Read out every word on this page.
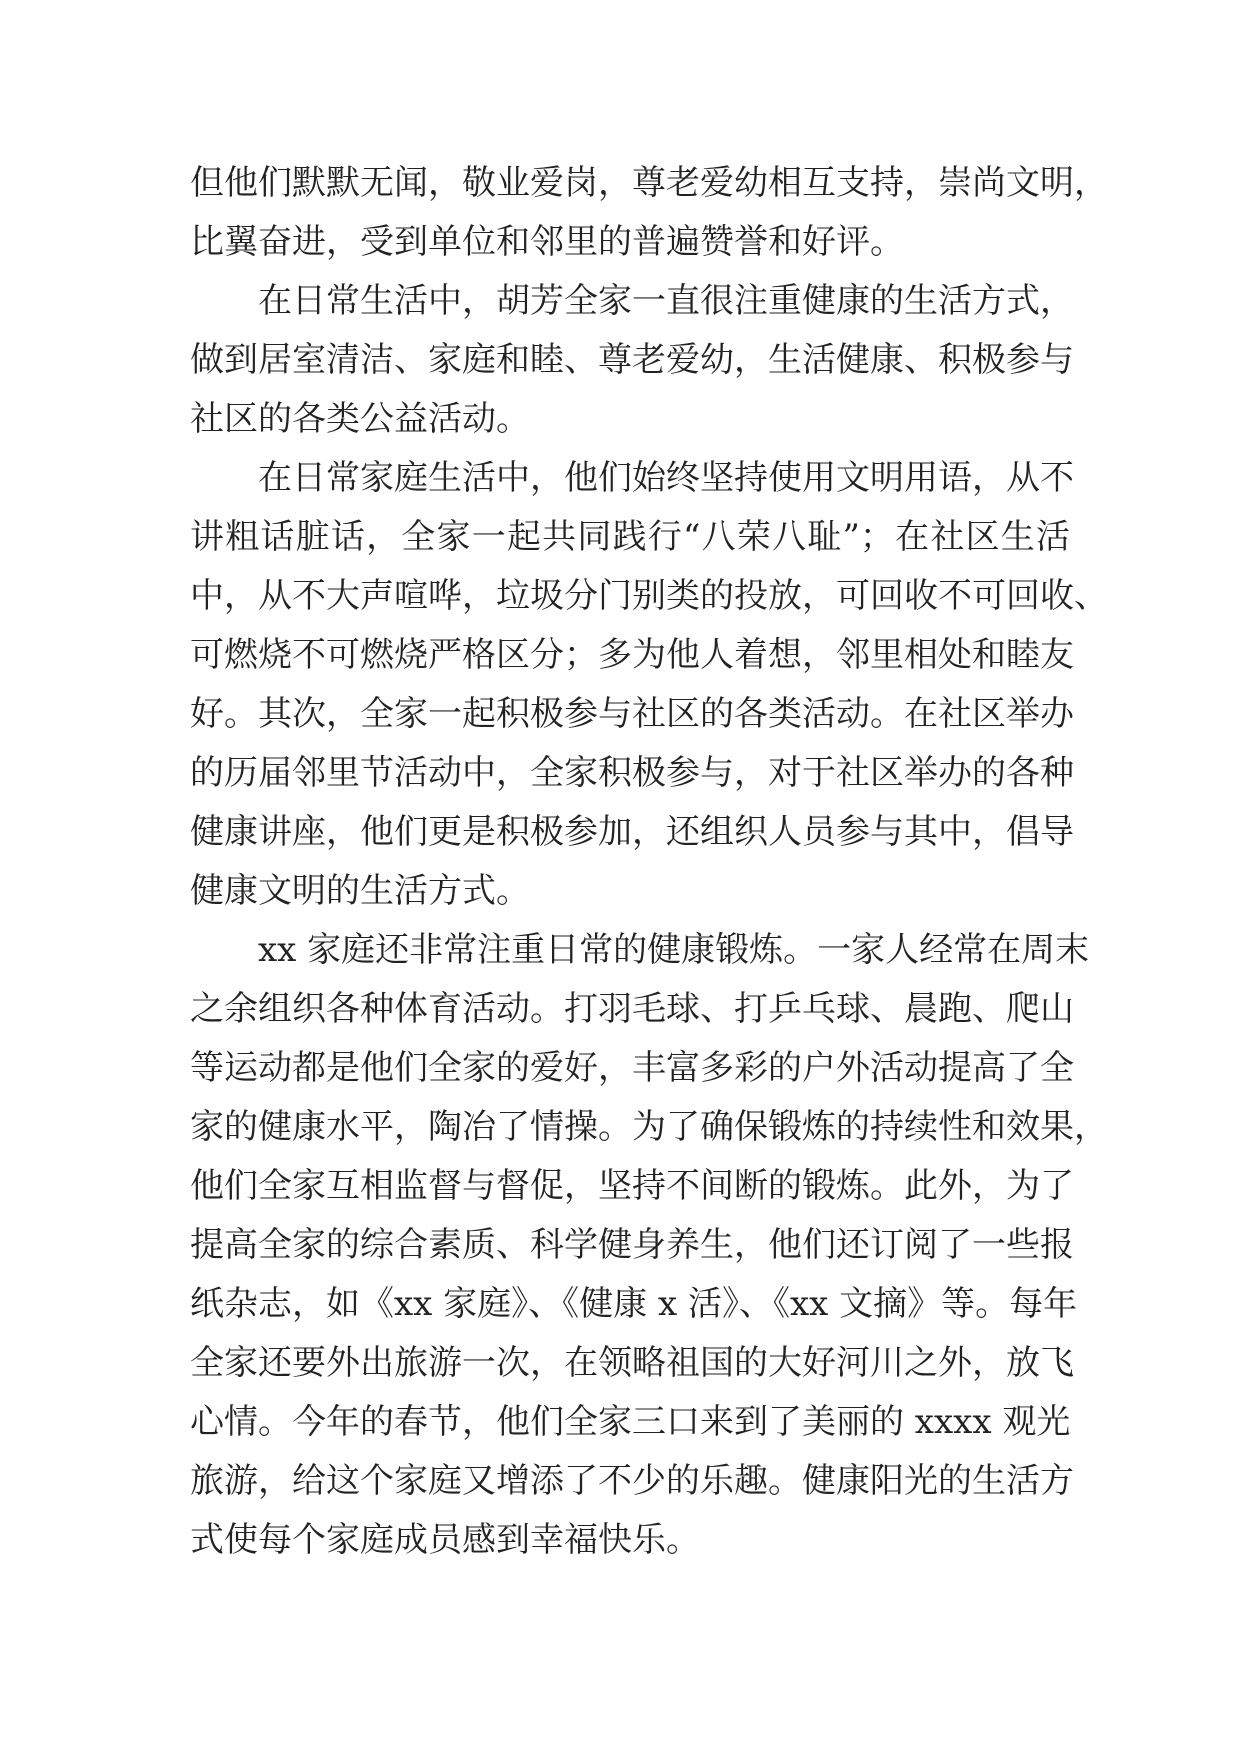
但他们默默无闻，敬业爱岗，尊老爱幼相互支持，崇尚文明，
比翼奋进，受到单位和邻里的普遍赞誉和好评。
在日常生活中，胡芳全家一直很注重健康的生活方式，
做到居室清洁、家庭和睦、尊老爱幼，生活健康、积极参与
社区的各类公益活动。
在日常家庭生活中，他们始终坚持使用文明用语，从不
讲粗话脏话，全家一起共同践行“八荣八耻”；在社区生活
中，从不大声喧哗，垃圾分门别类的投放，可回收不可回收、
可燃烧不可燃烧严格区分；多为他人着想，邻里相处和睦友
好。其次，全家一起积极参与社区的各类活动。在社区举办
的历届邻里节活动中，全家积极参与，对于社区举办的各种
健康讲座，他们更是积极参加，还组织人员参与其中，倡导
健康文明的生活方式。
xx 家庭还非常注重日常的健康锻炼。一家人经常在周末
之余组织各种体育活动。打羽毛球、打乒乓球、晨跑、爬山
等运动都是他们全家的爱好，丰富多彩的户外活动提高了全
家的健康水平，陶冶了情操。为了确保锻炼的持续性和效果，
他们全家互相监督与督促，坚持不间断的锻炼。此外，为了
提高全家的综合素质、科学健身养生，他们还订阅了一些报
纸杂志，如《xx 家庭》、《健康 x 活》、《xx 文摘》等。每年
全家还要外出旅游一次，在领略祖国的大好河川之外，放飞
心情。今年的春节，他们全家三口来到了美丽的 xxxx 观光
旅游，给这个家庭又增添了不少的乐趣。健康阳光的生活方
式使每个家庭成员感到幸福快乐。
